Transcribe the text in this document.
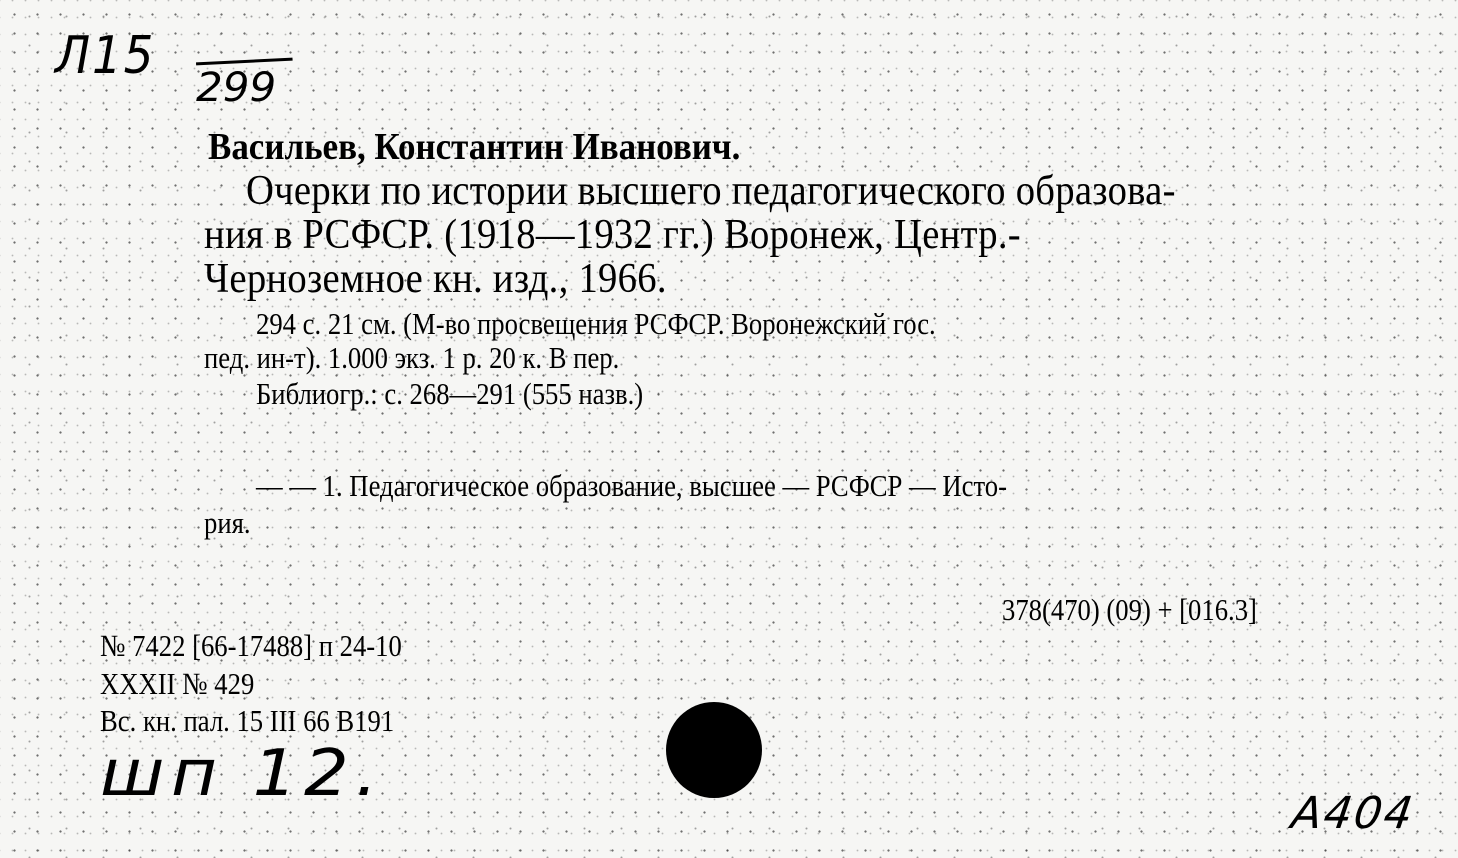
Л15
299
Васильев, Константин Иванович.
Очерки по истории высшего педагогического образова-
ния в РСФСР. (1918—1932 гг.) Воронеж, Центр.-
Черноземное кн. изд., 1966.
294 с. 21 см. (М-во просвещения РСФСР. Воронежский гос.
пед. ин-т). 1.000 экз. 1 р. 20 к. В пер.
Библиогр.: с. 268—291 (555 назв.)
— — 1. Педагогическое образование, высшее — РСФСР — Исто-
рия.
378(470) (09) + [016.3]
№ 7422 [66-17488] п 24-10
XXXII № 429
Вс. кн. пал. 15 III 66 В191
шп 12.
А404
